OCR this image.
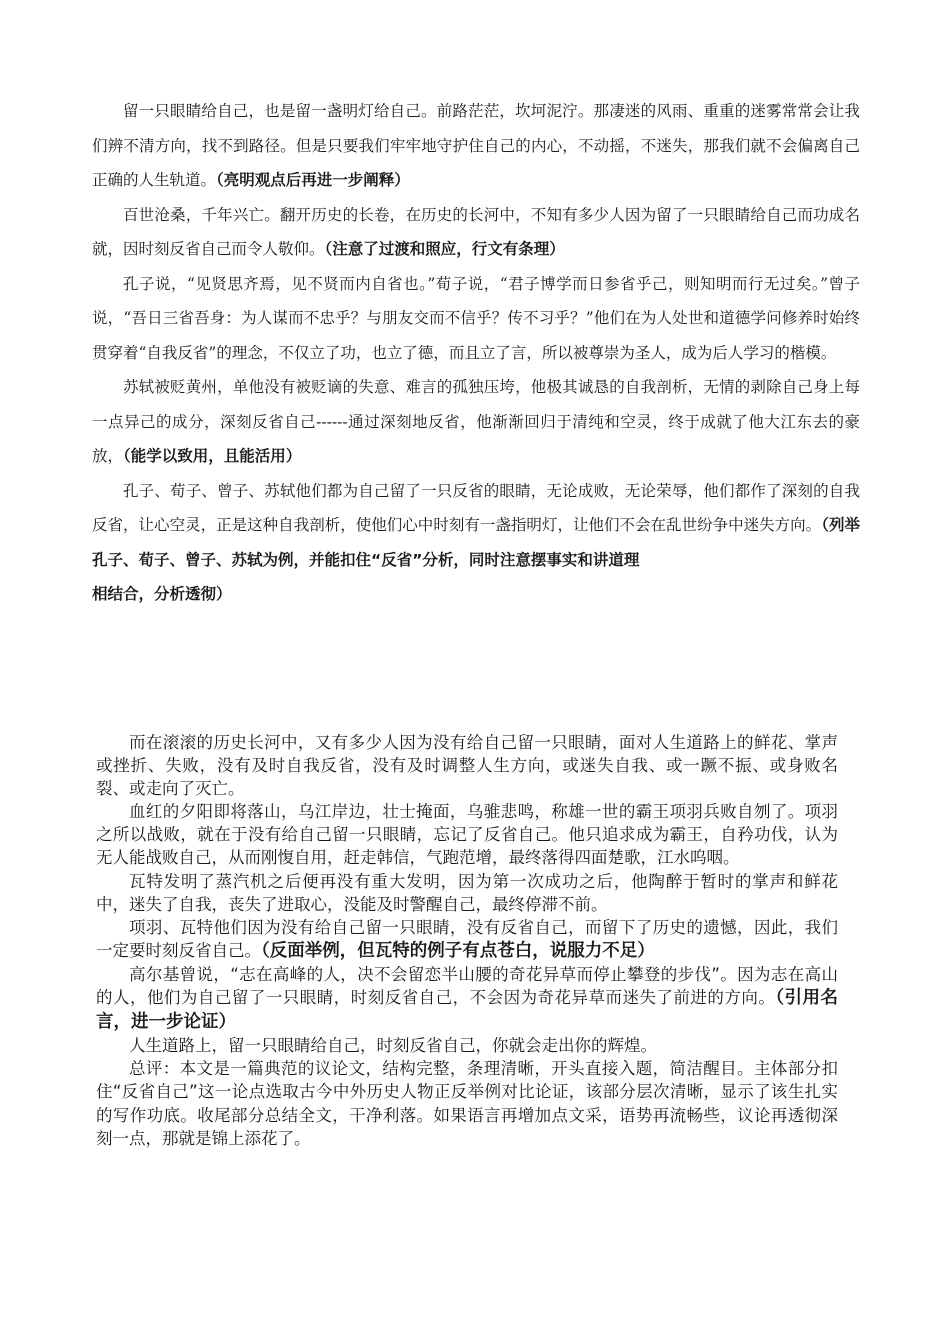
留一只眼睛给自己，也是留一盏明灯给自己。前路茫茫，坎坷泥泞。那凄迷的风雨、重重的迷雾常常会让我们辨不清方向，找不到路径。但是只要我们牢牢地守护住自己的内心，不动摇，不迷失，那我们就不会偏离自己正确的人生轨道。（亮明观点后再进一步阐释）

百世沧桑，千年兴亡。翻开历史的长卷，在历史的长河中，不知有多少人因为留了一只眼睛给自己而功成名就，因时刻反省自己而令人敬仰。（注意了过渡和照应，行文有条理）

孔子说，“见贤思齐焉，见不贤而内自省也。”荀子说，“君子博学而日参省乎己，则知明而行无过矣。”曾子说，“吾日三省吾身：为人谋而不忠乎？与朋友交而不信乎？传不习乎？”他们在为人处世和道德学问修养时始终贯穿着“自我反省”的理念，不仅立了功，也立了德，而且立了言，所以被尊崇为圣人，成为后人学习的楷模。

苏轼被贬黄州，单他没有被贬谪的失意、难言的孤独压垮，他极其诚恳的自我剖析，无情的剥除自己身上每一点异己的成分，深刻反省自己------通过深刻地反省，他渐渐回归于清纯和空灵，终于成就了他大江东去的豪放，（能学以致用，且能活用）

孔子、荀子、曾子、苏轼他们都为自己留了一只反省的眼睛，无论成败，无论荣辱，他们都作了深刻的自我反省，让心空灵，正是这种自我剖析，使他们心中时刻有一盏指明灯，让他们不会在乱世纷争中迷失方向。（列举孔子、荀子、曾子、苏轼为例，并能扣住“反省”分析，同时注意摆事实和讲道理

相结合，分析透彻）

而在滚滚的历史长河中，又有多少人因为没有给自己留一只眼睛，面对人生道路上的鲜花、掌声或挫折、失败，没有及时自我反省，没有及时调整人生方向，或迷失自我、或一蹶不振、或身败名裂、或走向了灭亡。

血红的夕阳即将落山，乌江岸边，壮士掩面，乌骓悲鸣，称雄一世的霸王项羽兵败自刎了。项羽之所以战败，就在于没有给自己留一只眼睛，忘记了反省自己。他只追求成为霸王，自矜功伐，认为无人能战败自己，从而刚愎自用，赶走韩信，气跑范增，最终落得四面楚歌，江水呜咽。

瓦特发明了蒸汽机之后便再没有重大发明，因为第一次成功之后，他陶醉于暂时的掌声和鲜花中，迷失了自我，丧失了进取心，没能及时警醒自己，最终停滞不前。

项羽、瓦特他们因为没有给自己留一只眼睛，没有反省自己，而留下了历史的遗憾，因此，我们一定要时刻反省自己。（反面举例，但瓦特的例子有点苍白，说服力不足）

高尔基曾说，“志在高峰的人，决不会留恋半山腰的奇花异草而停止攀登的步伐”。因为志在高山的人，他们为自己留了一只眼睛，时刻反省自己，不会因为奇花异草而迷失了前进的方向。（引用名言，进一步论证）

人生道路上，留一只眼睛给自己，时刻反省自己，你就会走出你的辉煌。

总评：本文是一篇典范的议论文，结构完整，条理清晰，开头直接入题，简洁醒目。主体部分扣住“反省自己”这一论点选取古今中外历史人物正反举例对比论证，该部分层次清晰，显示了该生扎实的写作功底。收尾部分总结全文，干净利落。如果语言再增加点文采，语势再流畅些，议论再透彻深刻一点，那就是锦上添花了。
